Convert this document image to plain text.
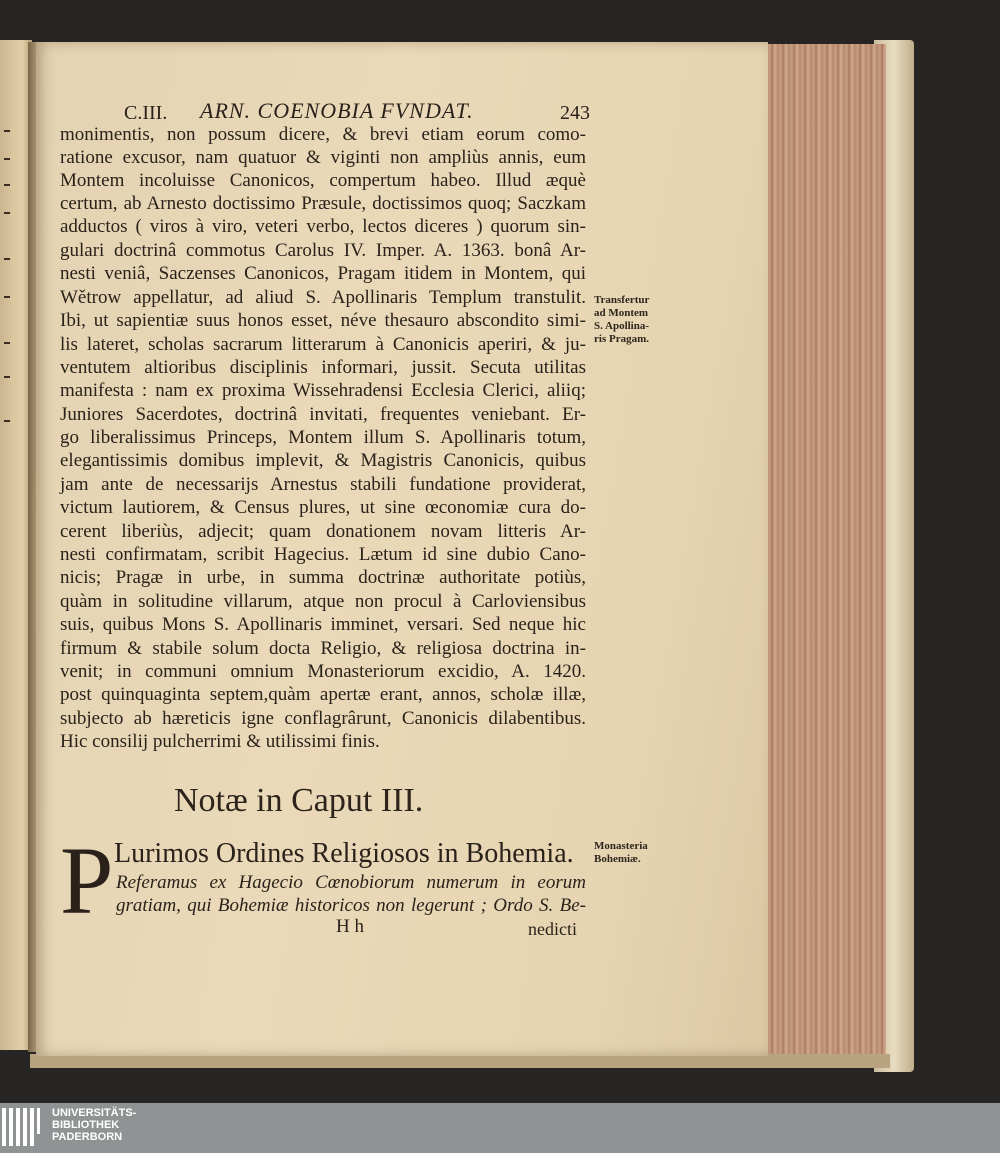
C.III. ARN. COENOBIA FVNDAT.	243
monimentis, non possum dicere, & brevi etiam eorum como-
ratione excusor, nam quatuor & viginti non ampliùs annis, eum
Montem incoluisse Canonicos, compertum habeo. Illud æquè
certum, ab Arnesto doctissimo Præsule, doctissimos quoq; Saczkam
adductos ( viros à viro, veteri verbo, lectos diceres ) quorum sin-
gulari doctrinâ commotus Carolus IV. Imper. A. 1363. bonâ Ar-
nesti veniâ, Saczenses Canonicos, Pragam itidem in Montem, qui
Wětrow appellatur, ad aliud S. Apollinaris Templum transtulit.
Ibi, ut sapientiæ suus honos esset, néve thesauro abscondito simi-
lis lateret, scholas sacrarum litterarum à Canonicis aperiri, & ju-
ventutem altioribus disciplinis informari, jussit. Secuta utilitas
manifesta : nam ex proxima Wissehradensi Ecclesia Clerici, aliiq;
Juniores Sacerdotes, doctrinâ invitati, frequentes veniebant. Er-
go liberalissimus Princeps, Montem illum S. Apollinaris totum,
elegantissimis domibus implevit, & Magistris Canonicis, quibus
jam ante de necessarijs Arnestus stabili fundatione providerat,
victum lautiorem, & Census plures, ut sine œconomiæ cura do-
cerent liberiùs, adjecit; quam donationem novam litteris Ar-
nesti confirmatam, scribit Hagecius. Lætum id sine dubio Cano-
nicis; Pragæ in urbe, in summa doctrinæ authoritate potiùs,
quàm in solitudine villarum, atque non procul à Carloviensibus
suis, quibus Mons S. Apollinaris imminet, versari. Sed neque hic
firmum & stabile solum docta Religio, & religiosa doctrina in-
venit; in communi omnium Monasteriorum excidio, A. 1420.
post quinquaginta septem,quàm apertæ erant, annos, scholæ illæ,
subjecto ab hæreticis igne conflagrârunt, Canonicis dilabentibus.
Hic consilij pulcherrimi & utilissimi finis.
Transfertur
ad Montem
S. Apollina-
ris Pragam.
Notæ in Caput III.
P Lurimos Ordines Religiosos in Bohemia. Monasteria
Bohemiæ.
Referamus ex Hagecio Cœnobiorum numerum in eorum
gratiam, qui Bohemiæ historicos non legerunt ; Ordo S. Be-
H h	nedicti
UNIVERSITÄTS-
BIBLIOTHEK
PADERBORN
